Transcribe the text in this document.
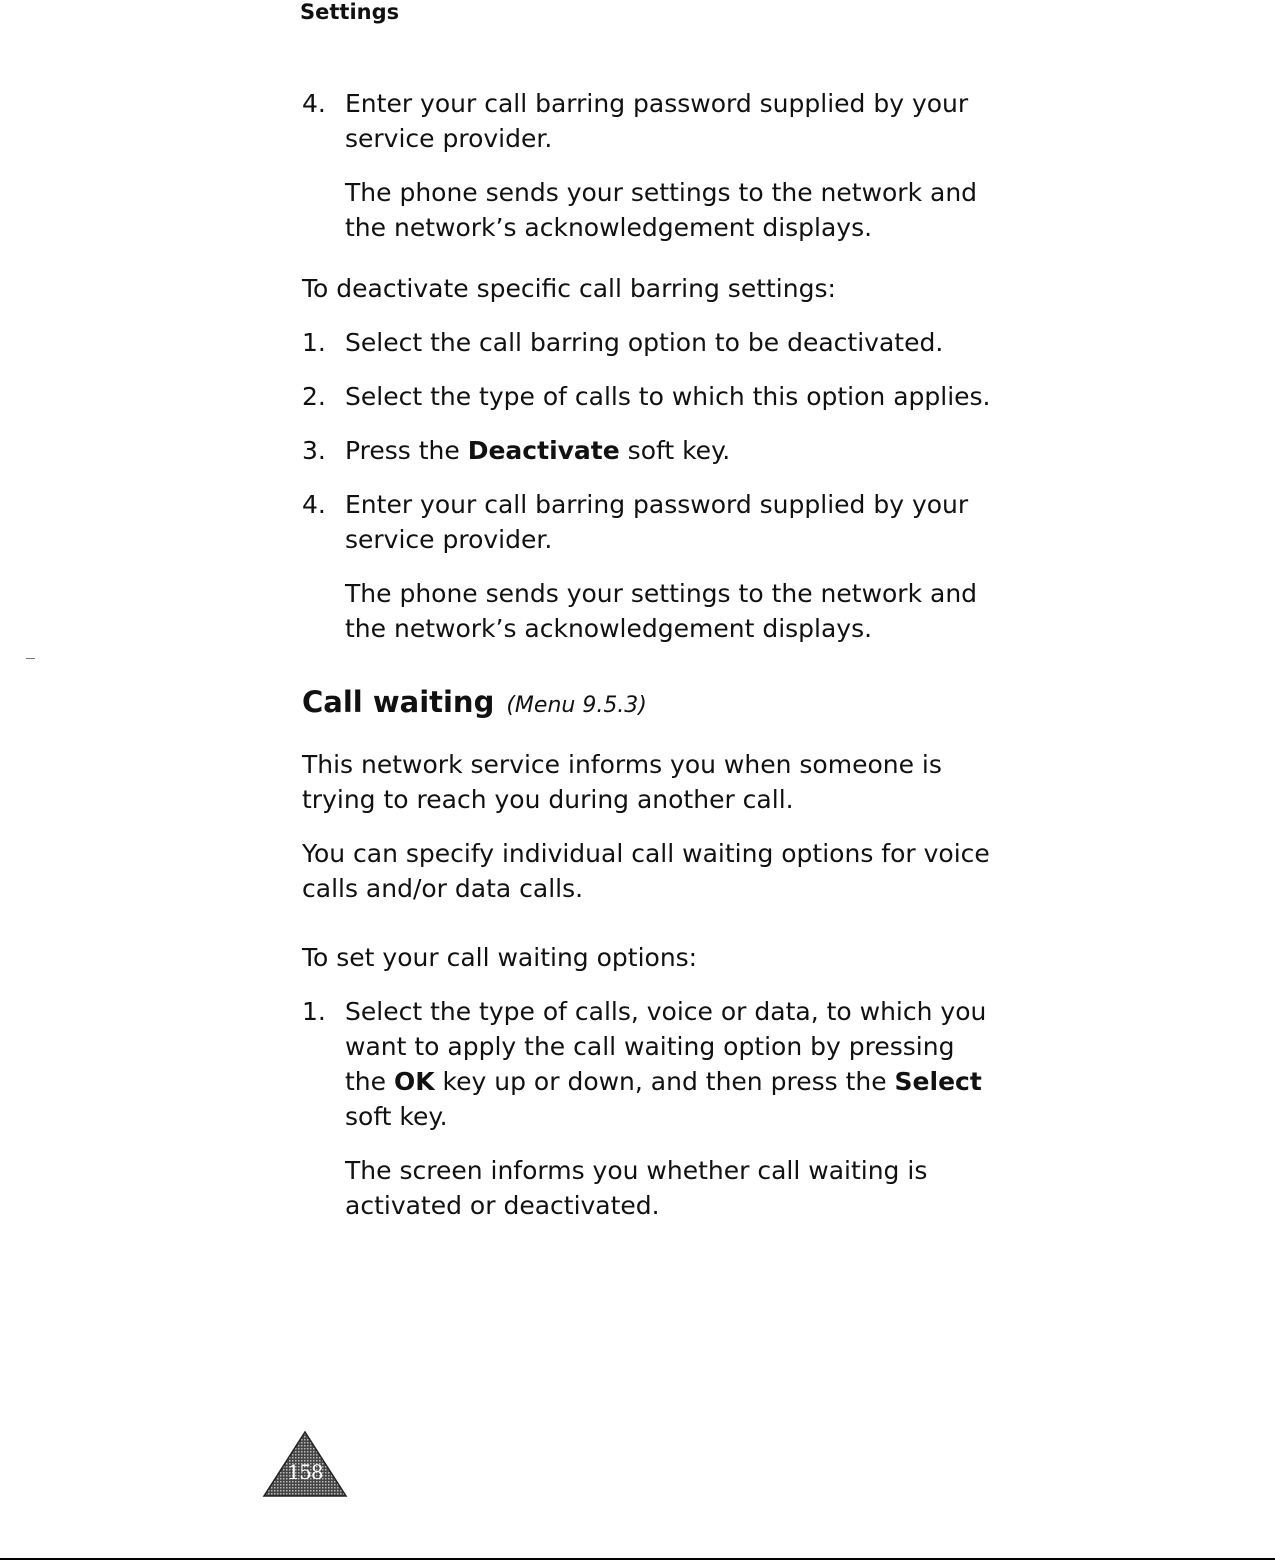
Settings
4. Enter your call barring password supplied by your service provider.

The phone sends your settings to the network and the network’s acknowledgement displays.

To deactivate specific call barring settings:

1. Select the call barring option to be deactivated.
2. Select the type of calls to which this option applies.
3. Press the Deactivate soft key.
4. Enter your call barring password supplied by your service provider.

The phone sends your settings to the network and the network’s acknowledgement displays.

Call waiting (Menu 9.5.3)

This network service informs you when someone is trying to reach you during another call.

You can specify individual call waiting options for voice calls and/or data calls.

To set your call waiting options:

1. Select the type of calls, voice or data, to which you want to apply the call waiting option by pressing the OK key up or down, and then press the Select soft key.

The screen informs you whether call waiting is activated or deactivated.

158
